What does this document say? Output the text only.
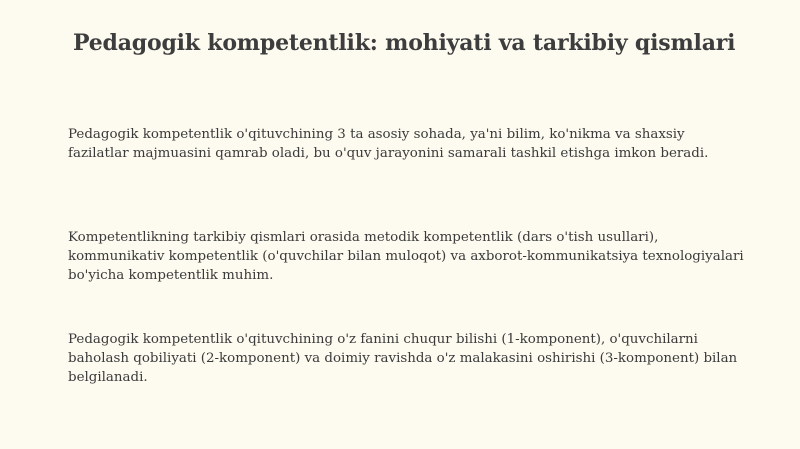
Pedagogik kompetentlik: mohiyati va tarkibiy qismlari

Pedagogik kompetentlik o'qituvchining 3 ta asosiy sohada, ya'ni bilim, ko'nikma va shaxsiy fazilatlar majmuasini qamrab oladi, bu o'quv jarayonini samarali tashkil etishga imkon beradi.

Kompetentlikning tarkibiy qismlari orasida metodik kompetentlik (dars o'tish usullari), kommunikativ kompetentlik (o'quvchilar bilan muloqot) va axborot-kommunikatsiya texnologiyalari bo'yicha kompetentlik muhim.

Pedagogik kompetentlik o'qituvchining o'z fanini chuqur bilishi (1-komponent), o'quvchilarni baholash qobiliyati (2-komponent) va doimiy ravishda o'z malakasini oshirishi (3-komponent) bilan belgilanadi.
